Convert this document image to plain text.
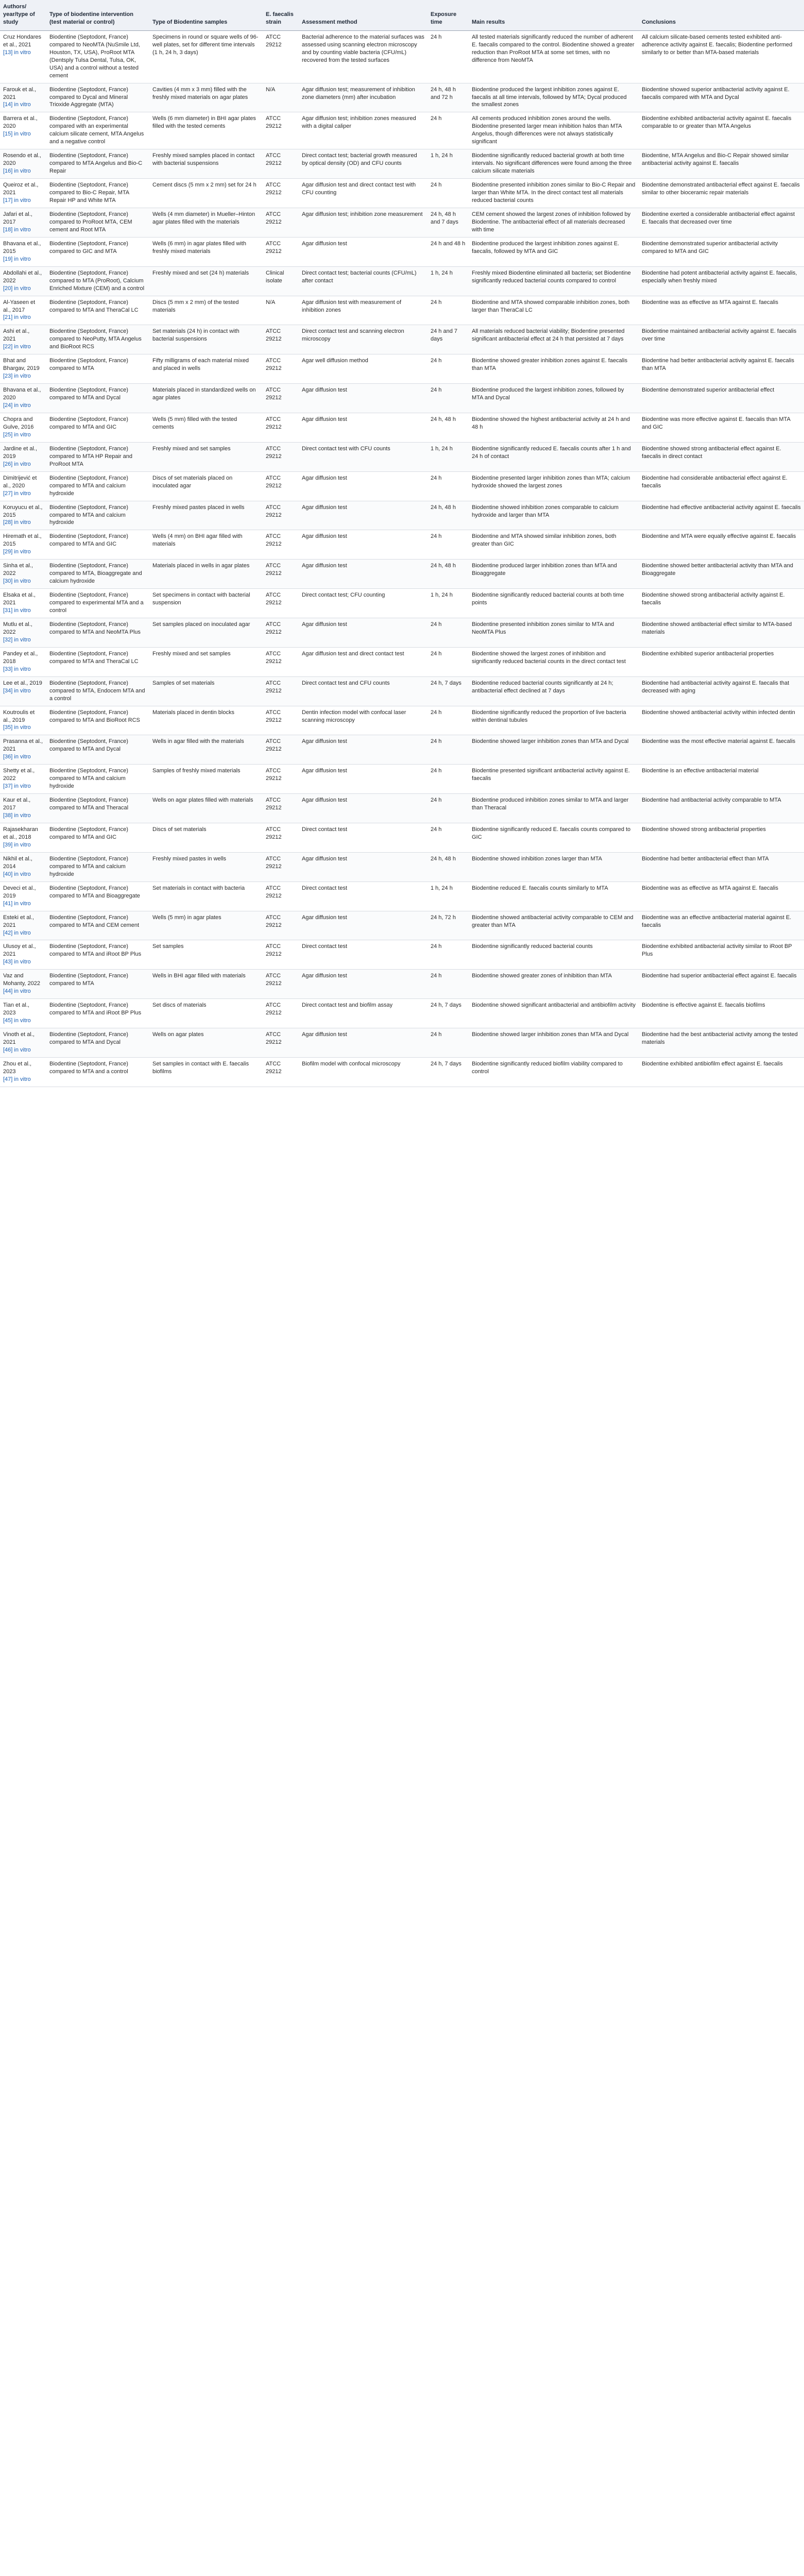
Authors/ year/type of study	Type of biodentine intervention (test material or control)	Type of Biodentine samples	E. faecalis strain	Assessment method	Exposure time	Main results	Conclusions
Cruz Hondares et al., 2021
[13] in vitro	Biodentine (Septodont, France) compared to NeoMTA (NuSmile Ltd, Houston, TX, USA), ProRoot MTA (Dentsply Tulsa Dental, Tulsa, OK, USA) and a control without a tested cement	Specimens in round or square wells of 96-well plates, set for different time intervals (1 h, 24 h, 3 days)	ATCC 29212	Bacterial adherence to the material surfaces was assessed using scanning electron microscopy and by counting viable bacteria (CFU/mL) recovered from the tested surfaces	24 h	All tested materials significantly reduced the number of adherent E. faecalis compared to the control. Biodentine showed a greater reduction than ProRoot MTA at some set times, with no difference from NeoMTA	All calcium silicate-based cements tested exhibited anti-adherence activity against E. faecalis; Biodentine performed similarly to or better than MTA-based materials
Farouk et al., 2021
[14] in vitro	Biodentine (Septodont, France) compared to Dycal and Mineral Trioxide Aggregate (MTA)	Cavities (4 mm x 3 mm) filled with the freshly mixed materials on agar plates	N/A	Agar diffusion test; measurement of inhibition zone diameters (mm) after incubation	24 h, 48 h and 72 h	Biodentine produced the largest inhibition zones against E. faecalis at all time intervals, followed by MTA; Dycal produced the smallest zones	Biodentine showed superior antibacterial activity against E. faecalis compared with MTA and Dycal
Barrera et al., 2020
[15] in vitro	Biodentine (Septodont, France) compared with an experimental calcium silicate cement, MTA Angelus and a negative control	Wells (6 mm diameter) in BHI agar plates filled with the tested cements	ATCC 29212	Agar diffusion test; inhibition zones measured with a digital caliper	24 h	All cements produced inhibition zones around the wells. Biodentine presented larger mean inhibition halos than MTA Angelus, though differences were not always statistically significant	Biodentine exhibited antibacterial activity against E. faecalis comparable to or greater than MTA Angelus
Rosendo et al., 2020
[16] in vitro	Biodentine (Septodont, France) compared to MTA Angelus and Bio-C Repair	Freshly mixed samples placed in contact with bacterial suspensions	ATCC 29212	Direct contact test; bacterial growth measured by optical density (OD) and CFU counts	1 h, 24 h	Biodentine significantly reduced bacterial growth at both time intervals. No significant differences were found among the three calcium silicate materials	Biodentine, MTA Angelus and Bio-C Repair showed similar antibacterial activity against E. faecalis
Queiroz et al., 2021
[17] in vitro	Biodentine (Septodont, France) compared to Bio-C Repair, MTA Repair HP and White MTA	Cement discs (5 mm x 2 mm) set for 24 h	ATCC 29212	Agar diffusion test and direct contact test with CFU counting	24 h	Biodentine presented inhibition zones similar to Bio-C Repair and larger than White MTA. In the direct contact test all materials reduced bacterial counts	Biodentine demonstrated antibacterial effect against E. faecalis similar to other bioceramic repair materials
Jafari et al., 2017
[18] in vitro	Biodentine (Septodont, France) compared to ProRoot MTA, CEM cement and Root MTA	Wells (4 mm diameter) in Mueller–Hinton agar plates filled with the materials	ATCC 29212	Agar diffusion test; inhibition zone measurement	24 h, 48 h and 7 days	CEM cement showed the largest zones of inhibition followed by Biodentine. The antibacterial effect of all materials decreased with time	Biodentine exerted a considerable antibacterial effect against E. faecalis that decreased over time
Bhavana et al., 2015
[19] in vitro	Biodentine (Septodont, France) compared to GIC and MTA	Wells (6 mm) in agar plates filled with freshly mixed materials	ATCC 29212	Agar diffusion test	24 h and 48 h	Biodentine produced the largest inhibition zones against E. faecalis, followed by MTA and GIC	Biodentine demonstrated superior antibacterial activity compared to MTA and GIC
Abdollahi et al., 2022
[20] in vitro	Biodentine (Septodont, France) compared to MTA (ProRoot), Calcium Enriched Mixture (CEM) and a control	Freshly mixed and set (24 h) materials	Clinical isolate	Direct contact test; bacterial counts (CFU/mL) after contact	1 h, 24 h	Freshly mixed Biodentine eliminated all bacteria; set Biodentine significantly reduced bacterial counts compared to control	Biodentine had potent antibacterial activity against E. faecalis, especially when freshly mixed
Al-Yaseen et al., 2017
[21] in vitro	Biodentine (Septodont, France) compared to MTA and TheraCal LC	Discs (5 mm x 2 mm) of the tested materials	N/A	Agar diffusion test with measurement of inhibition zones	24 h	Biodentine and MTA showed comparable inhibition zones, both larger than TheraCal LC	Biodentine was as effective as MTA against E. faecalis
Ashi et al., 2021
[22] in vitro	Biodentine (Septodont, France) compared to NeoPutty, MTA Angelus and BioRoot RCS	Set materials (24 h) in contact with bacterial suspensions	ATCC 29212	Direct contact test and scanning electron microscopy	24 h and 7 days	All materials reduced bacterial viability; Biodentine presented significant antibacterial effect at 24 h that persisted at 7 days	Biodentine maintained antibacterial activity against E. faecalis over time
Bhat and Bhargav, 2019
[23] in vitro	Biodentine (Septodont, France) compared to MTA	Fifty milligrams of each material mixed and placed in wells	ATCC 29212	Agar well diffusion method	24 h	Biodentine showed greater inhibition zones against E. faecalis than MTA	Biodentine had better antibacterial activity against E. faecalis than MTA
Bhavana et al., 2020
[24] in vitro	Biodentine (Septodont, France) compared to MTA and Dycal	Materials placed in standardized wells on agar plates	ATCC 29212	Agar diffusion test	24 h	Biodentine produced the largest inhibition zones, followed by MTA and Dycal	Biodentine demonstrated superior antibacterial effect
Chopra and Gulve, 2016
[25] in vitro	Biodentine (Septodont, France) compared to MTA and GIC	Wells (5 mm) filled with the tested cements	ATCC 29212	Agar diffusion test	24 h, 48 h	Biodentine showed the highest antibacterial activity at 24 h and 48 h	Biodentine was more effective against E. faecalis than MTA and GIC
Jardine et al., 2019
[26] in vitro	Biodentine (Septodont, France) compared to MTA HP Repair and ProRoot MTA	Freshly mixed and set samples	ATCC 29212	Direct contact test with CFU counts	1 h, 24 h	Biodentine significantly reduced E. faecalis counts after 1 h and 24 h of contact	Biodentine showed strong antibacterial effect against E. faecalis in direct contact
Dimitrijević et al., 2020
[27] in vitro	Biodentine (Septodont, France) compared to MTA and calcium hydroxide	Discs of set materials placed on inoculated agar	ATCC 29212	Agar diffusion test	24 h	Biodentine presented larger inhibition zones than MTA; calcium hydroxide showed the largest zones	Biodentine had considerable antibacterial effect against E. faecalis
Koruyucu et al., 2015
[28] in vitro	Biodentine (Septodont, France) compared to MTA and calcium hydroxide	Freshly mixed pastes placed in wells	ATCC 29212	Agar diffusion test	24 h, 48 h	Biodentine showed inhibition zones comparable to calcium hydroxide and larger than MTA	Biodentine had effective antibacterial activity against E. faecalis
Hiremath et al., 2015
[29] in vitro	Biodentine (Septodont, France) compared to MTA and GIC	Wells (4 mm) on BHI agar filled with materials	ATCC 29212	Agar diffusion test	24 h	Biodentine and MTA showed similar inhibition zones, both greater than GIC	Biodentine and MTA were equally effective against E. faecalis
Sinha et al., 2022
[30] in vitro	Biodentine (Septodont, France) compared to MTA, Bioaggregate and calcium hydroxide	Materials placed in wells in agar plates	ATCC 29212	Agar diffusion test	24 h, 48 h	Biodentine produced larger inhibition zones than MTA and Bioaggregate	Biodentine showed better antibacterial activity than MTA and Bioaggregate
Elsaka et al., 2021
[31] in vitro	Biodentine (Septodont, France) compared to experimental MTA and a control	Set specimens in contact with bacterial suspension	ATCC 29212	Direct contact test; CFU counting	1 h, 24 h	Biodentine significantly reduced bacterial counts at both time points	Biodentine showed strong antibacterial activity against E. faecalis
Mutlu et al., 2022
[32] in vitro	Biodentine (Septodont, France) compared to MTA and NeoMTA Plus	Set samples placed on inoculated agar	ATCC 29212	Agar diffusion test	24 h	Biodentine presented inhibition zones similar to MTA and NeoMTA Plus	Biodentine showed antibacterial effect similar to MTA-based materials
Pandey et al., 2018
[33] in vitro	Biodentine (Septodont, France) compared to MTA and TheraCal LC	Freshly mixed and set samples	ATCC 29212	Agar diffusion test and direct contact test	24 h	Biodentine showed the largest zones of inhibition and significantly reduced bacterial counts in the direct contact test	Biodentine exhibited superior antibacterial properties
Lee et al., 2019
[34] in vitro	Biodentine (Septodont, France) compared to MTA, Endocem MTA and a control	Samples of set materials	ATCC 29212	Direct contact test and CFU counts	24 h, 7 days	Biodentine reduced bacterial counts significantly at 24 h; antibacterial effect declined at 7 days	Biodentine had antibacterial activity against E. faecalis that decreased with aging
Koutroulis et al., 2019
[35] in vitro	Biodentine (Septodont, France) compared to MTA and BioRoot RCS	Materials placed in dentin blocks	ATCC 29212	Dentin infection model with confocal laser scanning microscopy	24 h	Biodentine significantly reduced the proportion of live bacteria within dentinal tubules	Biodentine showed antibacterial activity within infected dentin
Prasanna et al., 2021
[36] in vitro	Biodentine (Septodont, France) compared to MTA and Dycal	Wells in agar filled with the materials	ATCC 29212	Agar diffusion test	24 h	Biodentine showed larger inhibition zones than MTA and Dycal	Biodentine was the most effective material against E. faecalis
Shetty et al., 2022
[37] in vitro	Biodentine (Septodont, France) compared to MTA and calcium hydroxide	Samples of freshly mixed materials	ATCC 29212	Agar diffusion test	24 h	Biodentine presented significant antibacterial activity against E. faecalis	Biodentine is an effective antibacterial material
Kaur et al., 2017
[38] in vitro	Biodentine (Septodont, France) compared to MTA and Theracal	Wells on agar plates filled with materials	ATCC 29212	Agar diffusion test	24 h	Biodentine produced inhibition zones similar to MTA and larger than Theracal	Biodentine had antibacterial activity comparable to MTA
Rajasekharan et al., 2018
[39] in vitro	Biodentine (Septodont, France) compared to MTA and GIC	Discs of set materials	ATCC 29212	Direct contact test	24 h	Biodentine significantly reduced E. faecalis counts compared to GIC	Biodentine showed strong antibacterial properties
Nikhil et al., 2014
[40] in vitro	Biodentine (Septodont, France) compared to MTA and calcium hydroxide	Freshly mixed pastes in wells	ATCC 29212	Agar diffusion test	24 h, 48 h	Biodentine showed inhibition zones larger than MTA	Biodentine had better antibacterial effect than MTA
Deveci et al., 2019
[41] in vitro	Biodentine (Septodont, France) compared to MTA and Bioaggregate	Set materials in contact with bacteria	ATCC 29212	Direct contact test	1 h, 24 h	Biodentine reduced E. faecalis counts similarly to MTA	Biodentine was as effective as MTA against E. faecalis
Esteki et al., 2021
[42] in vitro	Biodentine (Septodont, France) compared to MTA and CEM cement	Wells (5 mm) in agar plates	ATCC 29212	Agar diffusion test	24 h, 72 h	Biodentine showed antibacterial activity comparable to CEM and greater than MTA	Biodentine was an effective antibacterial material against E. faecalis
Ulusoy et al., 2021
[43] in vitro	Biodentine (Septodont, France) compared to MTA and iRoot BP Plus	Set samples	ATCC 29212	Direct contact test	24 h	Biodentine significantly reduced bacterial counts	Biodentine exhibited antibacterial activity similar to iRoot BP Plus
Vaz and Mohanty, 2022
[44] in vitro	Biodentine (Septodont, France) compared to MTA	Wells in BHI agar filled with materials	ATCC 29212	Agar diffusion test	24 h	Biodentine showed greater zones of inhibition than MTA	Biodentine had superior antibacterial effect against E. faecalis
Tian et al., 2023
[45] in vitro	Biodentine (Septodont, France) compared to MTA and iRoot BP Plus	Set discs of materials	ATCC 29212	Direct contact test and biofilm assay	24 h, 7 days	Biodentine showed significant antibacterial and antibiofilm activity	Biodentine is effective against E. faecalis biofilms
Vinoth et al., 2021
[46] in vitro	Biodentine (Septodont, France) compared to MTA and Dycal	Wells on agar plates	ATCC 29212	Agar diffusion test	24 h	Biodentine showed larger inhibition zones than MTA and Dycal	Biodentine had the best antibacterial activity among the tested materials
Zhou et al., 2023
[47] in vitro	Biodentine (Septodont, France) compared to MTA and a control	Set samples in contact with E. faecalis biofilms	ATCC 29212	Biofilm model with confocal microscopy	24 h, 7 days	Biodentine significantly reduced biofilm viability compared to control	Biodentine exhibited antibiofilm effect against E. faecalis
